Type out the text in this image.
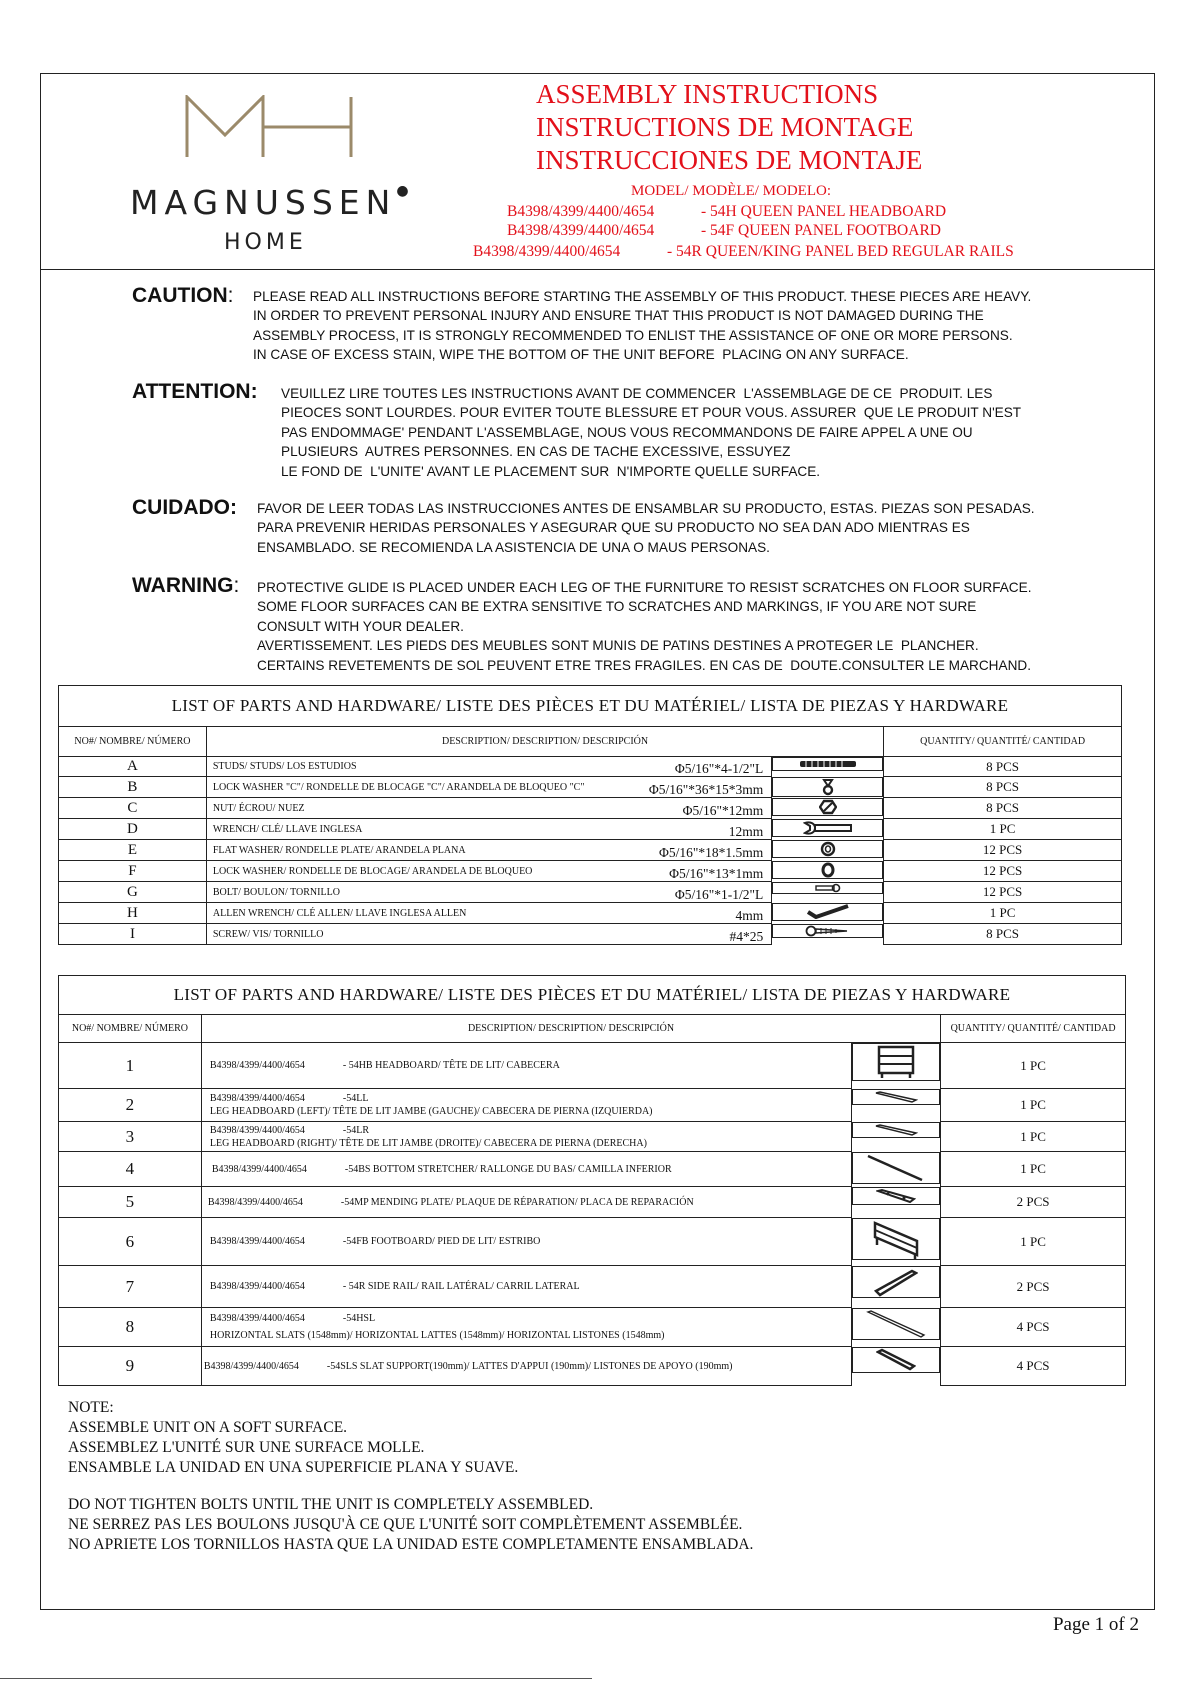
MAGNUSSEN●
HOME
ASSEMBLY INSTRUCTIONS
INSTRUCTIONS DE MONTAGE
INSTRUCCIONES DE MONTAJE
MODEL/ MODÈLE/ MODELO:
B4398/4399/4400/4654	- 54H QUEEN PANEL HEADBOARD
B4398/4399/4400/4654	- 54F QUEEN PANEL FOOTBOARD
B4398/4399/4400/4654	- 54R QUEEN/KING PANEL BED REGULAR RAILS
CAUTION: PLEASE READ ALL INSTRUCTIONS BEFORE STARTING THE ASSEMBLY OF THIS PRODUCT. THESE PIECES ARE HEAVY.
IN ORDER TO PREVENT PERSONAL INJURY AND ENSURE THAT THIS PRODUCT IS NOT DAMAGED DURING THE
ASSEMBLY PROCESS, IT IS STRONGLY RECOMMENDED TO ENLIST THE ASSISTANCE OF ONE OR MORE PERSONS.
IN CASE OF EXCESS STAIN, WIPE THE BOTTOM OF THE UNIT BEFORE  PLACING ON ANY SURFACE.
ATTENTION: VEUILLEZ LIRE TOUTES LES INSTRUCTIONS AVANT DE COMMENCER  L'ASSEMBLAGE DE CE  PRODUIT. LES
PIEOCES SONT LOURDES. POUR EVITER TOUTE BLESSURE ET POUR VOUS. ASSURER  QUE LE PRODUIT N'EST
PAS ENDOMMAGE' PENDANT L'ASSEMBLAGE, NOUS VOUS RECOMMANDONS DE FAIRE APPEL A UNE OU
PLUSIEURS  AUTRES PERSONNES. EN CAS DE TACHE EXCESSIVE, ESSUYEZ
LE FOND DE  L'UNITE' AVANT LE PLACEMENT SUR  N'IMPORTE QUELLE SURFACE.
CUIDADO: FAVOR DE LEER TODAS LAS INSTRUCCIONES ANTES DE ENSAMBLAR SU PRODUCTO, ESTAS. PIEZAS SON PESADAS.
PARA PREVENIR HERIDAS PERSONALES Y ASEGURAR QUE SU PRODUCTO NO SEA DAN ADO MIENTRAS ES
ENSAMBLADO. SE RECOMIENDA LA ASISTENCIA DE UNA O MAUS PERSONAS.
WARNING: PROTECTIVE GLIDE IS PLACED UNDER EACH LEG OF THE FURNITURE TO RESIST SCRATCHES ON FLOOR SURFACE.
SOME FLOOR SURFACES CAN BE EXTRA SENSITIVE TO SCRATCHES AND MARKINGS, IF YOU ARE NOT SURE
CONSULT WITH YOUR DEALER.
AVERTISSEMENT. LES PIEDS DES MEUBLES SONT MUNIS DE PATINS DESTINES A PROTEGER LE  PLANCHER.
CERTAINS REVETEMENTS DE SOL PEUVENT ETRE TRES FRAGILES. EN CAS DE  DOUTE.CONSULTER LE MARCHAND.
LIST OF PARTS AND HARDWARE/ LISTE DES PIÈCES ET DU MATÉRIEL/ LISTA DE PIEZAS Y HARDWARE		
NO#/ NOMBRE/ NÚMERO	DESCRIPTION/ DESCRIPTION/ DESCRIPCIÓN	QUANTITY/ QUANTITÉ/ CANTIDAD
A	STUDS/ STUDS/ LOS ESTUDIOS Φ5/16"*4-1/2"L	8 PCS
B	LOCK WASHER "C"/ RONDELLE DE BLOCAGE "C"/ ARANDELA DE BLOQUEO "C" Φ5/16"*36*15*3mm	8 PCS
C	NUT/ ÉCROU/ NUEZ Φ5/16"*12mm	8 PCS
D	WRENCH/ CLÉ/ LLAVE INGLESA 12mm	1 PC
E	FLAT WASHER/ RONDELLE PLATE/ ARANDELA PLANA Φ5/16"*18*1.5mm	12 PCS
F	LOCK WASHER/ RONDELLE DE BLOCAGE/ ARANDELA DE BLOQUEO Φ5/16"*13*1mm	12 PCS
G	BOLT/ BOULON/ TORNILLO Φ5/16"*1-1/2"L	12 PCS
H	ALLEN WRENCH/ CLÉ ALLEN/ LLAVE INGLESA ALLEN 4mm	1 PC
I	SCREW/ VIS/ TORNILLO #4*25	8 PCS
LIST OF PARTS AND HARDWARE/ LISTE DES PIÈCES ET DU MATÉRIEL/ LISTA DE PIEZAS Y HARDWARE		
NO#/ NOMBRE/ NÚMERO	DESCRIPTION/ DESCRIPTION/ DESCRIPCIÓN	QUANTITY/ QUANTITÉ/ CANTIDAD
1	B4398/4399/4400/4654 - 54HB HEADBOARD/ TÊTE DE LIT/ CABECERA	1 PC
2	B4398/4399/4400/4654 -54LL
LEG HEADBOARD (LEFT)/ TÊTE DE LIT JAMBE (GAUCHE)/ CABECERA DE PIERNA (IZQUIERDA)	1 PC
3	B4398/4399/4400/4654 -54LR
LEG HEADBOARD (RIGHT)/ TÊTE DE LIT JAMBE (DROITE)/ CABECERA DE PIERNA (DERECHA)	1 PC
4	B4398/4399/4400/4654 -54BS BOTTOM STRETCHER/ RALLONGE DU BAS/ CAMILLA INFERIOR	1 PC
5	B4398/4399/4400/4654 -54MP MENDING PLATE/ PLAQUE DE RÉPARATION/ PLACA DE REPARACIÓN	2 PCS
6	B4398/4399/4400/4654 -54FB FOOTBOARD/ PIED DE LIT/ ESTRIBO	1 PC
7	B4398/4399/4400/4654 - 54R SIDE RAIL/ RAIL LATÉRAL/ CARRIL LATERAL	2 PCS
8	B4398/4399/4400/4654 -54HSL
HORIZONTAL SLATS (1548mm)/ HORIZONTAL LATTES (1548mm)/ HORIZONTAL LISTONES (1548mm)	4 PCS
9	B4398/4399/4400/4654 -54SLS SLAT SUPPORT(190mm)/ LATTES D'APPUI (190mm)/ LISTONES DE APOYO (190mm)	4 PCS
NOTE:
ASSEMBLE UNIT ON A SOFT SURFACE.
ASSEMBLEZ L'UNITÉ SUR UNE SURFACE MOLLE.
ENSAMBLE LA UNIDAD EN UNA SUPERFICIE PLANA Y SUAVE.
DO NOT TIGHTEN BOLTS UNTIL THE UNIT IS COMPLETELY ASSEMBLED.
NE SERREZ PAS LES BOULONS JUSQU'À CE QUE L'UNITÉ SOIT COMPLÈTEMENT ASSEMBLÉE.
NO APRIETE LOS TORNILLOS HASTA QUE LA UNIDAD ESTE COMPLETAMENTE ENSAMBLADA.
Page 1 of 2
